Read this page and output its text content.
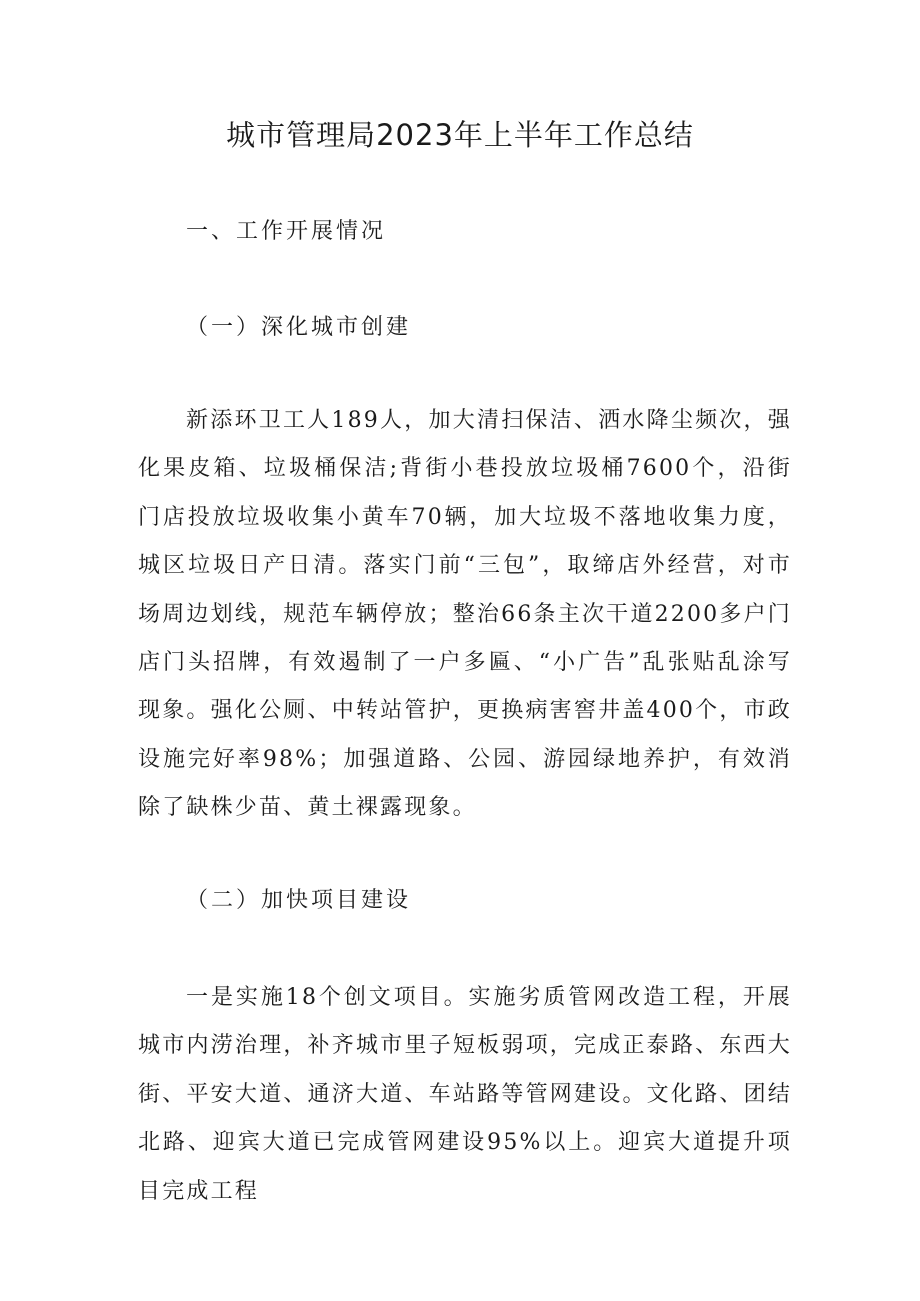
城市管理局2023年上半年工作总结

一、工作开展情况

（一）深化城市创建

新添环卫工人189人，加大清扫保洁、洒水降尘频次，强化果皮箱、垃圾桶保洁;背街小巷投放垃圾桶7600个，沿街门店投放垃圾收集小黄车70辆，加大垃圾不落地收集力度，城区垃圾日产日清。落实门前“三包”，取缔店外经营，对市场周边划线，规范车辆停放；整治66条主次干道2200多户门店门头招牌，有效遏制了一户多匾、“小广告”乱张贴乱涂写现象。强化公厕、中转站管护，更换病害窖井盖400个，市政设施完好率98%；加强道路、公园、游园绿地养护，有效消除了缺株少苗、黄土裸露现象。

（二）加快项目建设

一是实施18个创文项目。实施劣质管网改造工程，开展城市内涝治理，补齐城市里子短板弱项，完成正泰路、东西大街、平安大道、通济大道、车站路等管网建设。文化路、团结北路、迎宾大道已完成管网建设95%以上。迎宾大道提升项目完成工程
